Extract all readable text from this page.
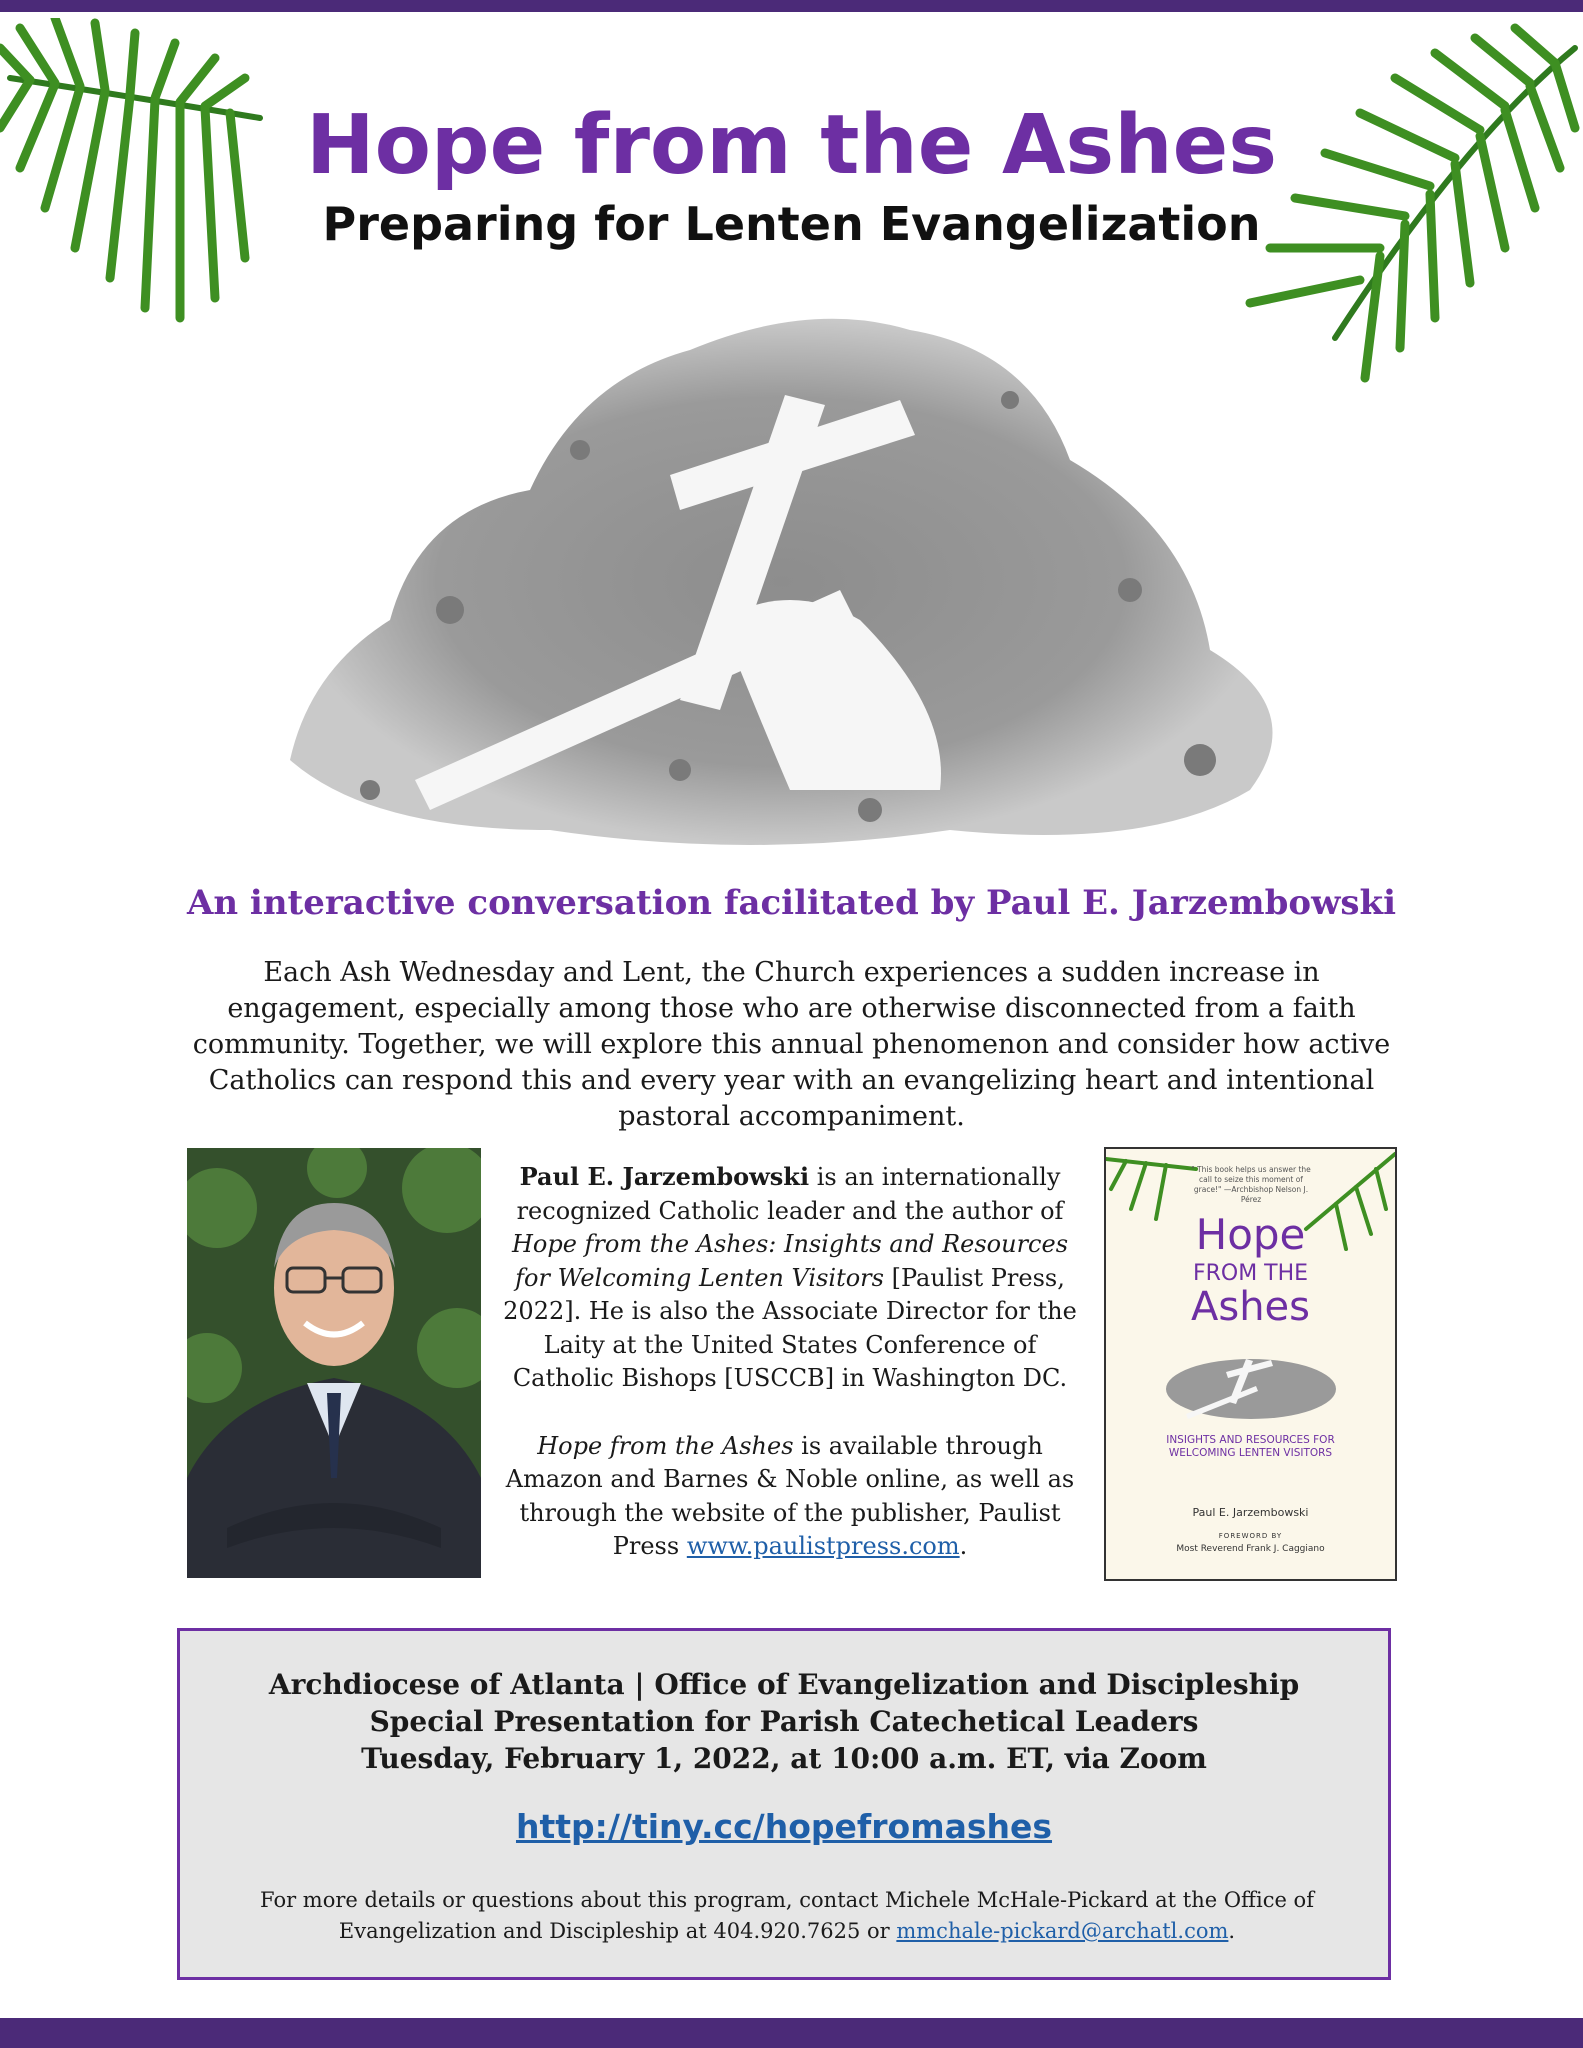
Hope from the Ashes
Preparing for Lenten Evangelization

An interactive conversation facilitated by Paul E. Jarzembowski

Each Ash Wednesday and Lent, the Church experiences a sudden increase in engagement, especially among those who are otherwise disconnected from a faith community. Together, we will explore this annual phenomenon and consider how active Catholics can respond this and every year with an evangelizing heart and intentional pastoral accompaniment.

Paul E. Jarzembowski is an internationally recognized Catholic leader and the author of Hope from the Ashes: Insights and Resources for Welcoming Lenten Visitors [Paulist Press, 2022]. He is also the Associate Director for the Laity at the United States Conference of Catholic Bishops [USCCB] in Washington DC.

Hope from the Ashes is available through Amazon and Barnes & Noble online, as well as through the website of the publisher, Paulist Press www.paulistpress.com.

" This book helps us answer the call to seize this moment of grace!" —Archbishop Nelson J. Pérez
Hope
FROM THE
Ashes
INSIGHTS AND RESOURCES FOR WELCOMING LENTEN VISITORS
Paul E. Jarzembowski
FOREWORD BY
Most Reverend Frank J. Caggiano

Archdiocese of Atlanta | Office of Evangelization and Discipleship
Special Presentation for Parish Catechetical Leaders
Tuesday, February 1, 2022, at 10:00 a.m. ET, via Zoom

http://tiny.cc/hopefromashes

For more details or questions about this program, contact Michele McHale-Pickard at the Office of Evangelization and Discipleship at 404.920.7625 or mmchale-pickard@archatl.com.
